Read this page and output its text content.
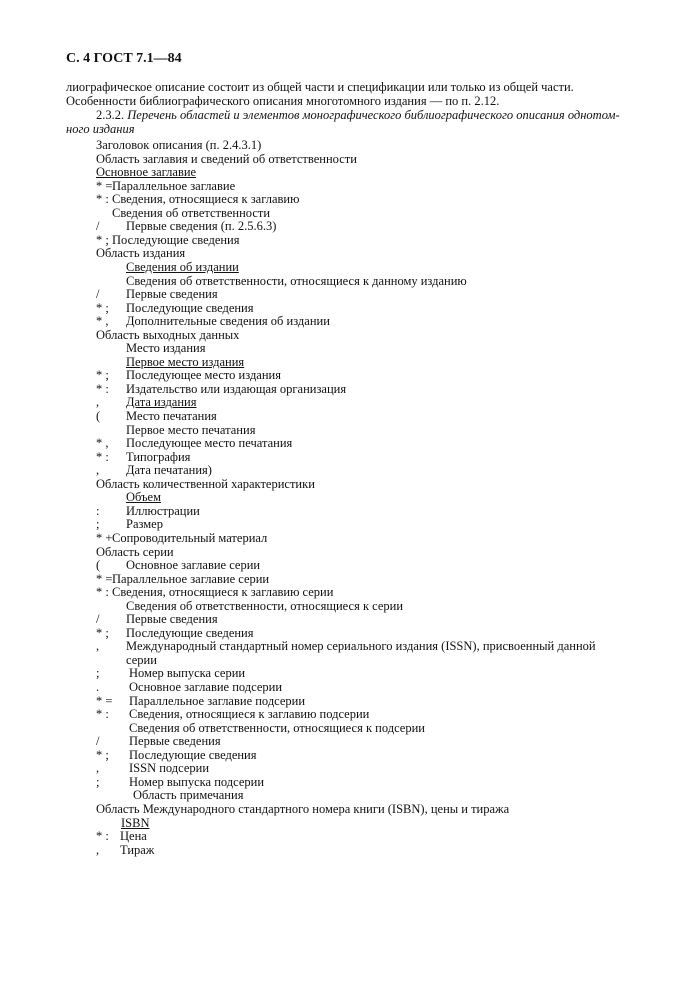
С. 4 ГОСТ 7.1—84
лиографическое описание состоит из общей части и спецификации или только из общей части.
Особенности библиографического описания многотомного издания — по п. 2.12.
2.3.2. Перечень областей и элементов монографического библиографического описания однотом-
ного издания
Заголовок описания (п. 2.4.3.1)
Область заглавия и сведений об ответственности
Основное заглавие
* = Параллельное заглавие
* : Сведения, относящиеся к заглавию
Сведения об ответственности
/ Первые сведения (п. 2.5.6.3)
* ; Последующие сведения
Область издания
Сведения об издании
Сведения об ответственности, относящиеся к данному изданию
/ Первые сведения
* ; Последующие сведения
* , Дополнительные сведения об издании
Область выходных данных
Место издания
Первое место издания
* ; Последующее место издания
* : Издательство или издающая организация
, Дата издания
( Место печатания
Первое место печатания
* , Последующее место печатания
* : Типография
, Дата печатания)
Область количественной характеристики
Объем
: Иллюстрации
; Размер
* + Сопроводительный материал
Область серии
( Основное заглавие серии
* = Параллельное заглавие серии
* : Сведения, относящиеся к заглавию серии
Сведения об ответственности, относящиеся к серии
/ Первые сведения
* ; Последующие сведения
, Международный стандартный номер сериального издания (ISSN), присвоенный данной
серии
; Номер выпуска серии
. Основное заглавие подсерии
* = Параллельное заглавие подсерии
* : Сведения, относящиеся к заглавию подсерии
Сведения об ответственности, относящиеся к подсерии
/ Первые сведения
* ; Последующие сведения
, ISSN подсерии
; Номер выпуска подсерии
Область примечания
Область Международного стандартного номера книги (ISBN), цены и тиража
ISBN
* : Цена
, Тираж
